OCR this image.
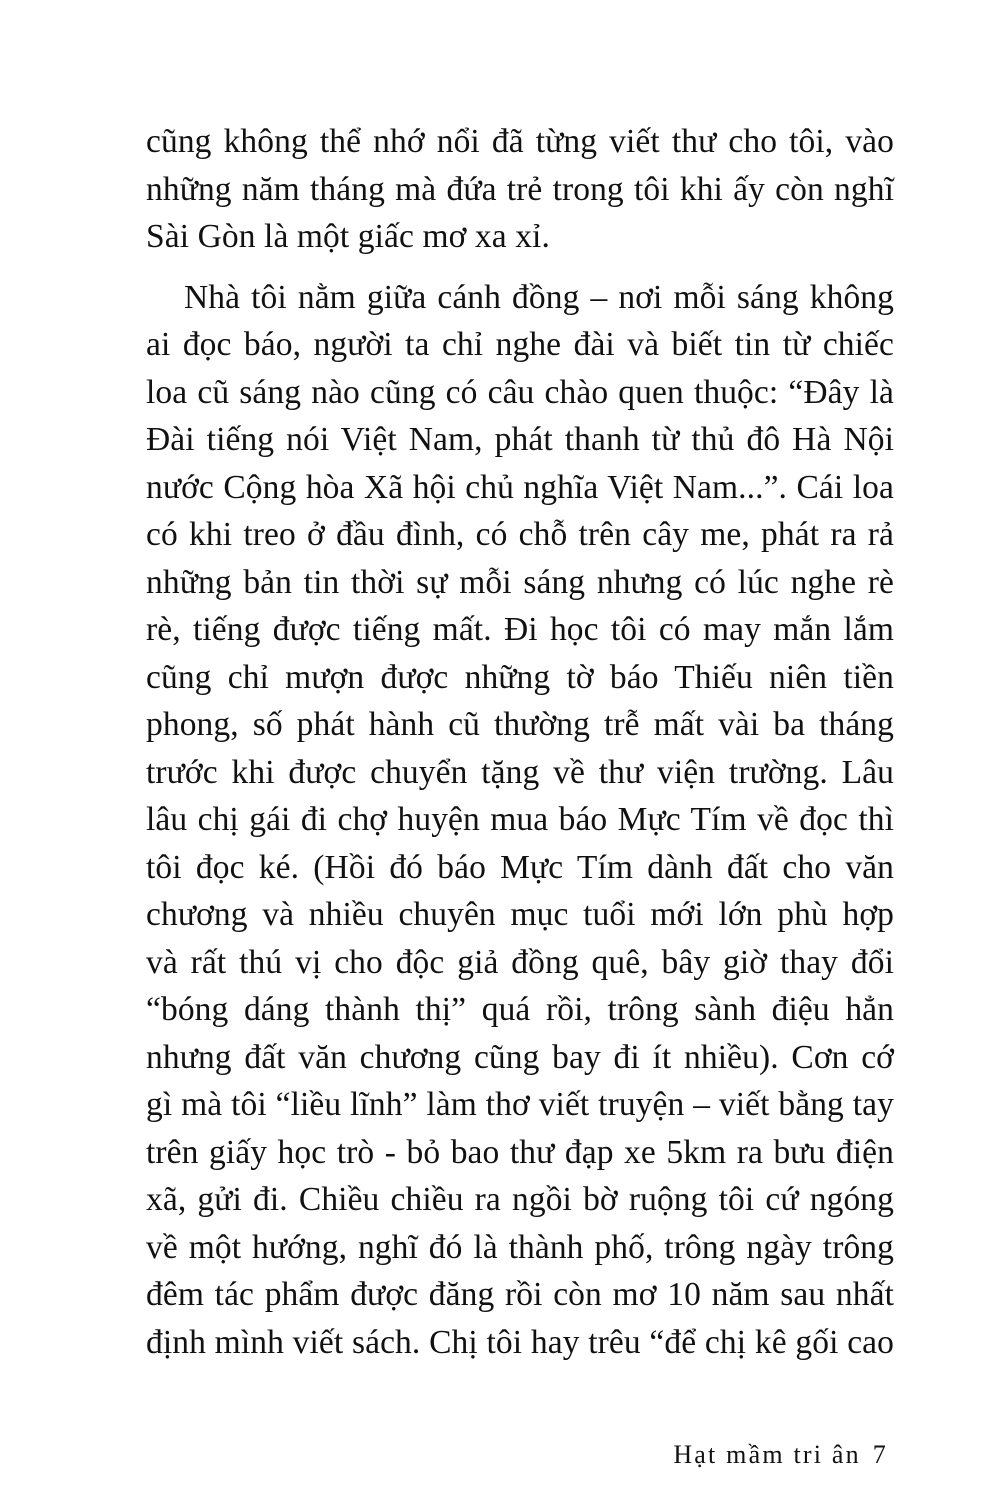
cũng không thể nhớ nổi đã từng viết thư cho tôi, vào
những năm tháng mà đứa trẻ trong tôi khi ấy còn nghĩ
Sài Gòn là một giấc mơ xa xỉ.
Nhà tôi nằm giữa cánh đồng – nơi mỗi sáng không
ai đọc báo, người ta chỉ nghe đài và biết tin từ chiếc
loa cũ sáng nào cũng có câu chào quen thuộc: “Đây là
Đài tiếng nói Việt Nam, phát thanh từ thủ đô Hà Nội
nước Cộng hòa Xã hội chủ nghĩa Việt Nam...”. Cái loa
có khi treo ở đầu đình, có chỗ trên cây me, phát ra rả
những bản tin thời sự mỗi sáng nhưng có lúc nghe rè
rè, tiếng được tiếng mất. Đi học tôi có may mắn lắm
cũng chỉ mượn được những tờ báo Thiếu niên tiền
phong, số phát hành cũ thường trễ mất vài ba tháng
trước khi được chuyển tặng về thư viện trường. Lâu
lâu chị gái đi chợ huyện mua báo Mực Tím về đọc thì
tôi đọc ké. (Hồi đó báo Mực Tím dành đất cho văn
chương và nhiều chuyên mục tuổi mới lớn phù hợp
và rất thú vị cho độc giả đồng quê, bây giờ thay đổi
“bóng dáng thành thị” quá rồi, trông sành điệu hẳn
nhưng đất văn chương cũng bay đi ít nhiều). Cơn cớ
gì mà tôi “liều lĩnh” làm thơ viết truyện – viết bằng tay
trên giấy học trò - bỏ bao thư đạp xe 5km ra bưu điện
xã, gửi đi. Chiều chiều ra ngồi bờ ruộng tôi cứ ngóng
về một hướng, nghĩ đó là thành phố, trông ngày trông
đêm tác phẩm được đăng rồi còn mơ 10 năm sau nhất
định mình viết sách. Chị tôi hay trêu “để chị kê gối cao
Hạt mầm tri ân 7
